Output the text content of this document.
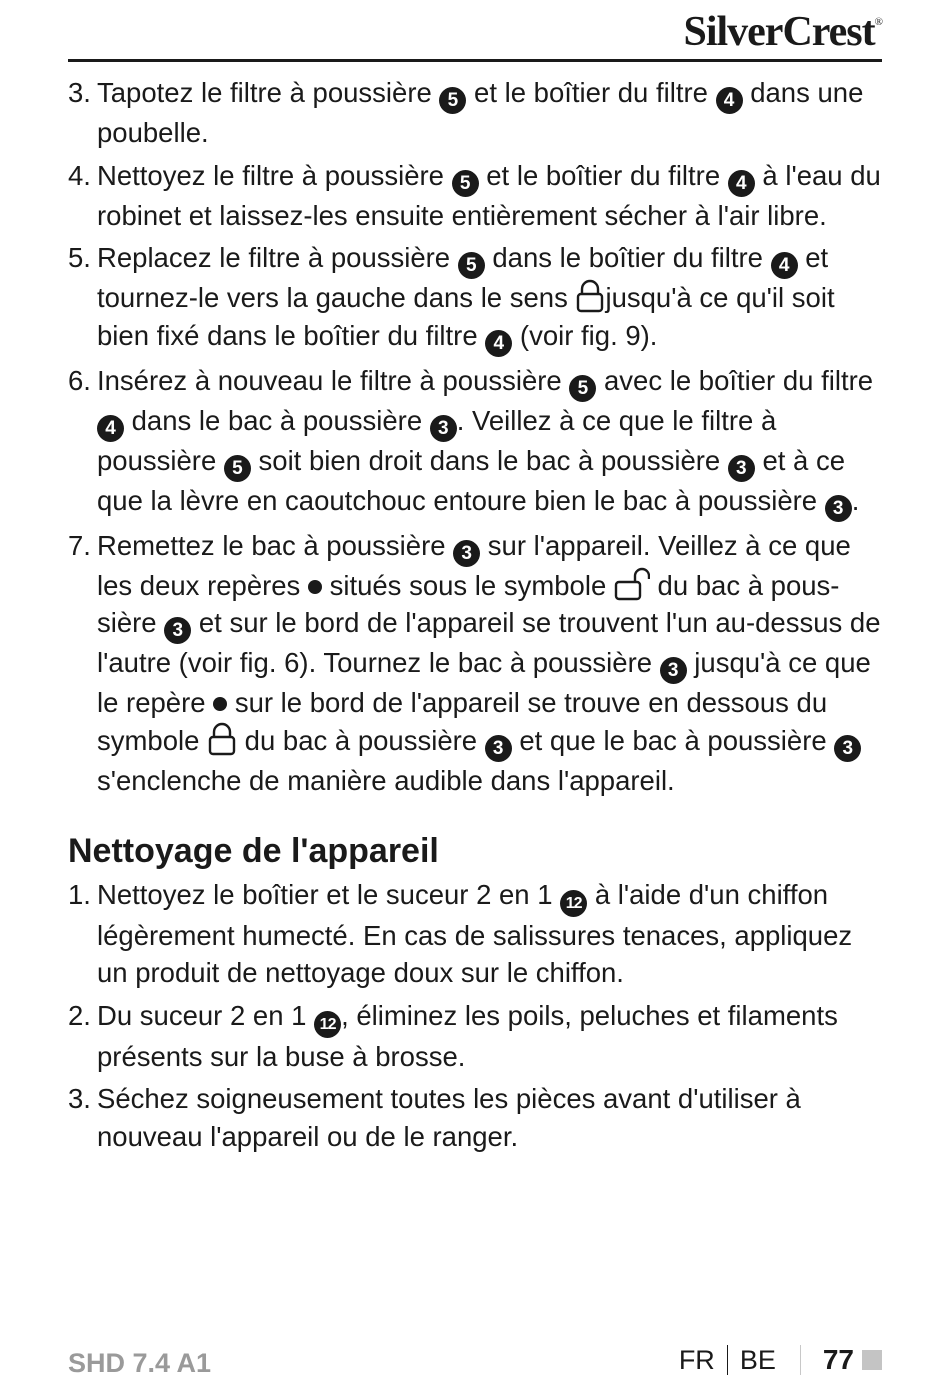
SilverCrest®
3. Tapotez le filtre à poussière 5 et le boîtier du filtre 4 dans une poubelle.
4. Nettoyez le filtre à poussière 5 et le boîtier du filtre 4 à l'eau du robinet et laissez-les ensuite entièrement sécher à l'air libre.
5. Replacez le filtre à poussière 5 dans le boîtier du filtre 4 et tournez-le vers la gauche dans le sens jusqu'à ce qu'il soit bien fixé dans le boîtier du filtre 4 (voir fig. 9).
6. Insérez à nouveau le filtre à poussière 5 avec le boîtier du filtre 4 dans le bac à poussière 3 . Veillez à ce que le filtre à poussière 5 soit bien droit dans le bac à poussière 3 et à ce que la lèvre en caoutchouc entoure bien le bac à poussière 3 .
7. Remettez le bac à poussière 3 sur l'appareil. Veillez à ce que les deux repères  situés sous le symbole  du bac à pous-sière 3 et sur le bord de l'appareil se trouvent l'un au-dessus de l'autre (voir fig. 6). Tournez le bac à poussière 3 jusqu'à ce que le repère  sur le bord de l'appareil se trouve en dessous du symbole  du bac à poussière 3 et que le bac à poussière 3 s'enclenche de manière audible dans l'appareil.
Nettoyage de l'appareil
1. Nettoyez le boîtier et le suceur 2 en 1 12 à l'aide d'un chiffon légèrement humecté. En cas de salissures tenaces, appliquez un produit de nettoyage doux sur le chiffon.
2. Du suceur 2 en 1 12 , éliminez les poils, peluches et filaments présents sur la buse à brosse.
3. Séchez soigneusement toutes les pièces avant d'utiliser à nouveau l'appareil ou de le ranger.
SHD 7.4 A1	FR BE 77
